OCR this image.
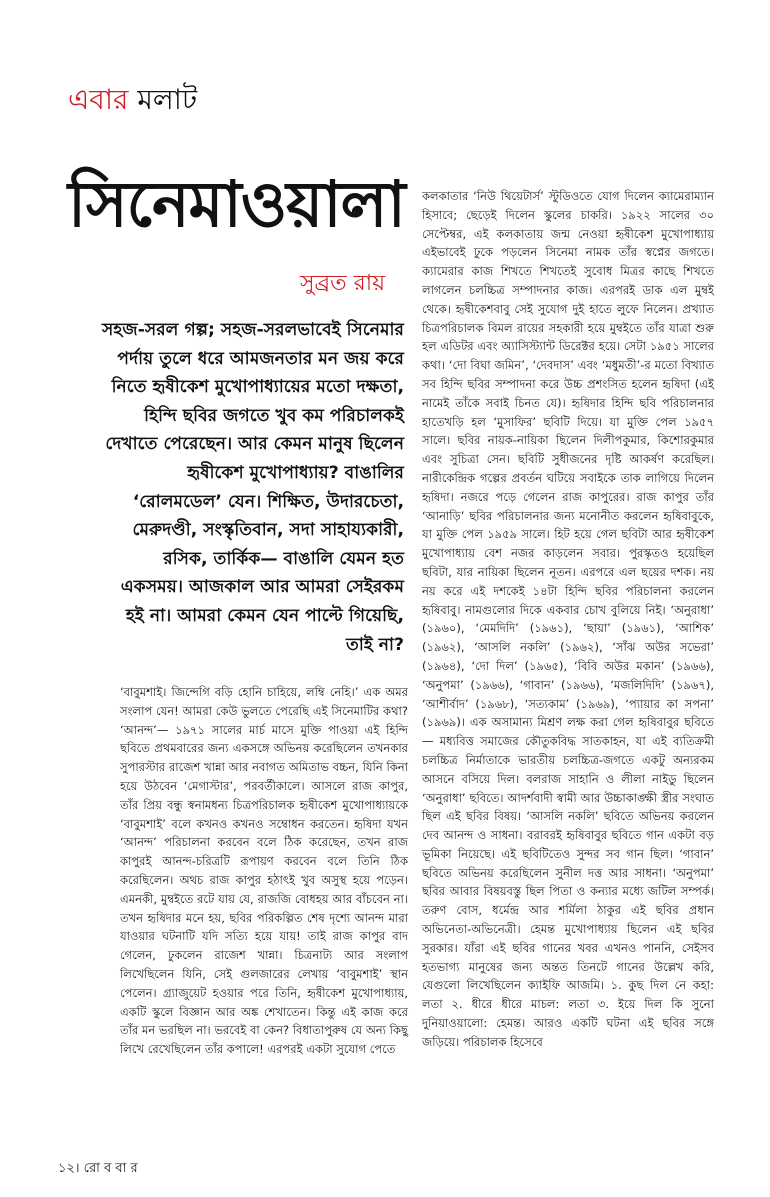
এবার মলাট
সিনেমাওয়ালা
সুব্রত রায়

সহজ-সরল গল্প; সহজ-সরলভাবেই সিনেমার পর্দায় তুলে ধরে আমজনতার মন জয় করে নিতে হৃষীকেশ মুখোপাধ্যায়ের মতো দক্ষতা, হিন্দি ছবির জগতে খুব কম পরিচালকই দেখাতে পেরেছেন। আর কেমন মানুষ ছিলেন হৃষীকেশ মুখোপাধ্যায়? বাঙালির ‘রোলমডেল’ যেন। শিক্ষিত, উদারচেতা, মেরুদণ্ডী, সংস্কৃতিবান, সদা সাহায্যকারী, রসিক, তার্কিক— বাঙালি যেমন হত একসময়। আজকাল আর আমরা সেইরকম হই না। আমরা কেমন যেন পাল্টে গিয়েছি, তাই না?

‘বাবুমশাই। জিন্দেগি বড়ি হোনি চাহিয়ে, লম্বি নেহি।’ এক অমর সংলাপ যেন! আমরা কেউ ভুলতে পেরেছি এই সিনেমাটির কথা? ‘আনন্দ’— ১৯৭১ সালের মার্চ মাসে মুক্তি পাওয়া এই হিন্দি ছবিতে প্রথমবারের জন্য একসঙ্গে অভিনয় করেছিলেন তখনকার সুপারস্টার রাজেশ খান্না আর নবাগত অমিতাভ বচ্চন, যিনি কিনা হয়ে উঠবেন ‘মেগাস্টার’, পরবর্তীকালে। আসলে রাজ কাপুর, তাঁর প্রিয় বন্ধু স্বনামধন্য চিত্রপরিচালক হৃষীকেশ মুখোপাধ্যায়কে ‘বাবুমশাই’ বলে কখনও কখনও সম্বোধন করতেন। হৃষিদা যখন ‘আনন্দ’ পরিচালনা করবেন বলে ঠিক করেছেন, তখন রাজ কাপুরই আনন্দ-চরিত্রটি রূপায়ণ করবেন বলে তিনি ঠিক করেছিলেন। অথচ রাজ কাপুর হঠাৎই খুব অসুস্থ হয়ে পড়েন। এমনকী, মুম্বইতে রটে যায় যে, রাজজি বোধহয় আর বাঁচবেন না। তখন হৃষিদার মনে হয়, ছবির পরিকল্পিত শেষ দৃশ্যে আনন্দ মারা যাওয়ার ঘটনাটি যদি সত্যি হয়ে যায়! তাই রাজ কাপুর বাদ গেলেন, ঢুকলেন রাজেশ খান্না। চিত্রনাট্য আর সংলাপ লিখেছিলেন যিনি, সেই গুলজারের লেখায় ‘বাবুমশাই’ স্থান পেলেন। গ্র্যাজুয়েট হওয়ার পরে তিনি, হৃষীকেশ মুখোপাধ্যায়, একটি স্কুলে বিজ্ঞান আর অঙ্ক শেখাতেন। কিন্তু এই কাজ করে তাঁর মন ভরছিল না। ভরবেই বা কেন? বিধাতাপুরুষ যে অন্য কিছু লিখে রেখেছিলেন তাঁর কপালে! এরপরই একটা সুযোগ পেতে

কলকাতার ‘নিউ থিয়েটার্স’ স্টুডিওতে যোগ দিলেন ক্যামেরাম্যান হিসাবে; ছেড়েই দিলেন স্কুলের চাকরি। ১৯২২ সালের ৩০ সেপ্টেম্বর, এই কলকাতায় জন্ম নেওয়া হৃষীকেশ মুখোপাধ্যায় এইভাবেই ঢুকে পড়লেন সিনেমা নামক তাঁর স্বপ্নের জগতে। ক্যামেরার কাজ শিখতে শিখতেই সুবোধ মিত্রর কাছে শিখতে লাগলেন চলচ্চিত্র সম্পাদনার কাজ। এরপরই ডাক এল মুম্বই থেকে। হৃষীকেশবাবু সেই সুযোগ দুই হাতে লুফে নিলেন। প্রখ্যাত চিত্রপরিচালক বিমল রায়ের সহকারী হয়ে মুম্বইতে তাঁর যাত্রা শুরু হল এডিটর এবং অ্যাসিস্ট্যান্ট ডিরেক্টর হয়ে। সেটা ১৯৫১ সালের কথা। ‘দো বিঘা জমিন’, ‘দেবদাস’ এবং ‘মধুমতী’-র মতো বিখ্যাত সব হিন্দি ছবির সম্পাদনা করে উচ্চ প্রশংসিত হলেন হৃষিদা (এই নামেই তাঁকে সবাই চিনত যে)। হৃষিদার হিন্দি ছবি পরিচালনার হাতেখড়ি হল ‘মুসাফির’ ছবিটি দিয়ে। যা মুক্তি পেল ১৯৫৭ সালে। ছবির নায়ক-নায়িকা ছিলেন দিলীপকুমার, কিশোরকুমার এবং সুচিত্রা সেন। ছবিটি সুধীজনের দৃষ্টি আকর্ষণ করেছিল। নারীকেন্দ্রিক গল্পের প্রবর্তন ঘটিয়ে সবাইকে তাক লাগিয়ে দিলেন হৃষিদা। নজরে পড়ে গেলেন রাজ কাপুরের। রাজ কাপুর তাঁর ‘আনাড়ি’ ছবির পরিচালনার জন্য মনোনীত করলেন হৃষিবাবুকে, যা মুক্তি পেল ১৯৫৯ সালে। হিট হয়ে গেল ছবিটা আর হৃষীকেশ মুখোপাধ্যায় বেশ নজর কাড়লেন সবার। পুরস্কৃতও হয়েছিল ছবিটা, যার নায়িকা ছিলেন নূতন। এরপরে এল ছয়ের দশক। নয় নয় করে এই দশকেই ১৪টা হিন্দি ছবির পরিচালনা করলেন হৃষিবাবু। নামগুলোর দিকে একবার চোখ বুলিয়ে নিই। ‘অনুরাধা’ (১৯৬০), ‘মেমদিদি’ (১৯৬১), ‘ছায়া’ (১৯৬১), ‘আশিক’ (১৯৬২), ‘আসলি নকলি’ (১৯৬২), ‘সাঁঝ অউর সভেরা’ (১৯৬৪), ‘দো দিল’ (১৯৬৫), ‘বিবি অউর মকান’ (১৯৬৬), ‘অনুপমা’ (১৯৬৬), ‘গাবান’ (১৯৬৬), ‘মজলিদিদি’ (১৯৬৭), ‘আশীর্বাদ’ (১৯৬৮), ‘সত্যকাম’ (১৯৬৯), ‘প্যায়ার কা সপনা’ (১৯৬৯)। এক অসামান্য মিশ্রণ লক্ষ করা গেল হৃষিবাবুর ছবিতে— মধ্যবিত্ত সমাজের কৌতুকবিদ্ধ সাতকাহন, যা এই ব্যতিক্রমী চলচ্চিত্র নির্মাতাকে ভারতীয় চলচ্চিত্র-জগতে একটু অন্যরকম আসনে বসিয়ে দিল। বলরাজ সাহানি ও লীলা নাইডু ছিলেন ‘অনুরাধা’ ছবিতে। আদর্শবাদী স্বামী আর উচ্চাকাঙ্ক্ষী স্ত্রীর সংঘাত ছিল এই ছবির বিষয়। ‘আসলি নকলি’ ছবিতে অভিনয় করলেন দেব আনন্দ ও সাধনা। বরাবরই হৃষিবাবুর ছবিতে গান একটা বড় ভূমিকা নিয়েছে। এই ছবিটিতেও সুন্দর সব গান ছিল। ‘গাবান’ ছবিতে অভিনয় করেছিলেন সুনীল দত্ত আর সাধনা। ‘অনুপমা’ ছবির আবার বিষয়বস্তু ছিল পিতা ও কন্যার মধ্যে জটিল সম্পর্ক। তরুণ বোস, ধর্মেন্দ্র আর শর্মিলা ঠাকুর এই ছবির প্রধান অভিনেতা-অভিনেত্রী। হেমন্ত মুখোপাধ্যায় ছিলেন এই ছবির সুরকার। যাঁরা এই ছবির গানের খবর এখনও পাননি, সেইসব হতভাগ্য মানুষের জন্য অন্তত তিনটে গানের উল্লেখ করি, যেগুলো লিখেছিলেন ক্যাইফি আজমি। ১. কুছ দিল নে কহা: লতা ২. ধীরে ধীরে মাচল: লতা ৩. ইয়ে দিল কি সুনো দুনিয়াওয়ালো: হেমন্ত। আরও একটি ঘটনা এই ছবির সঙ্গে জড়িয়ে। পরিচালক হিসেবে

১২। রো ব বা র
